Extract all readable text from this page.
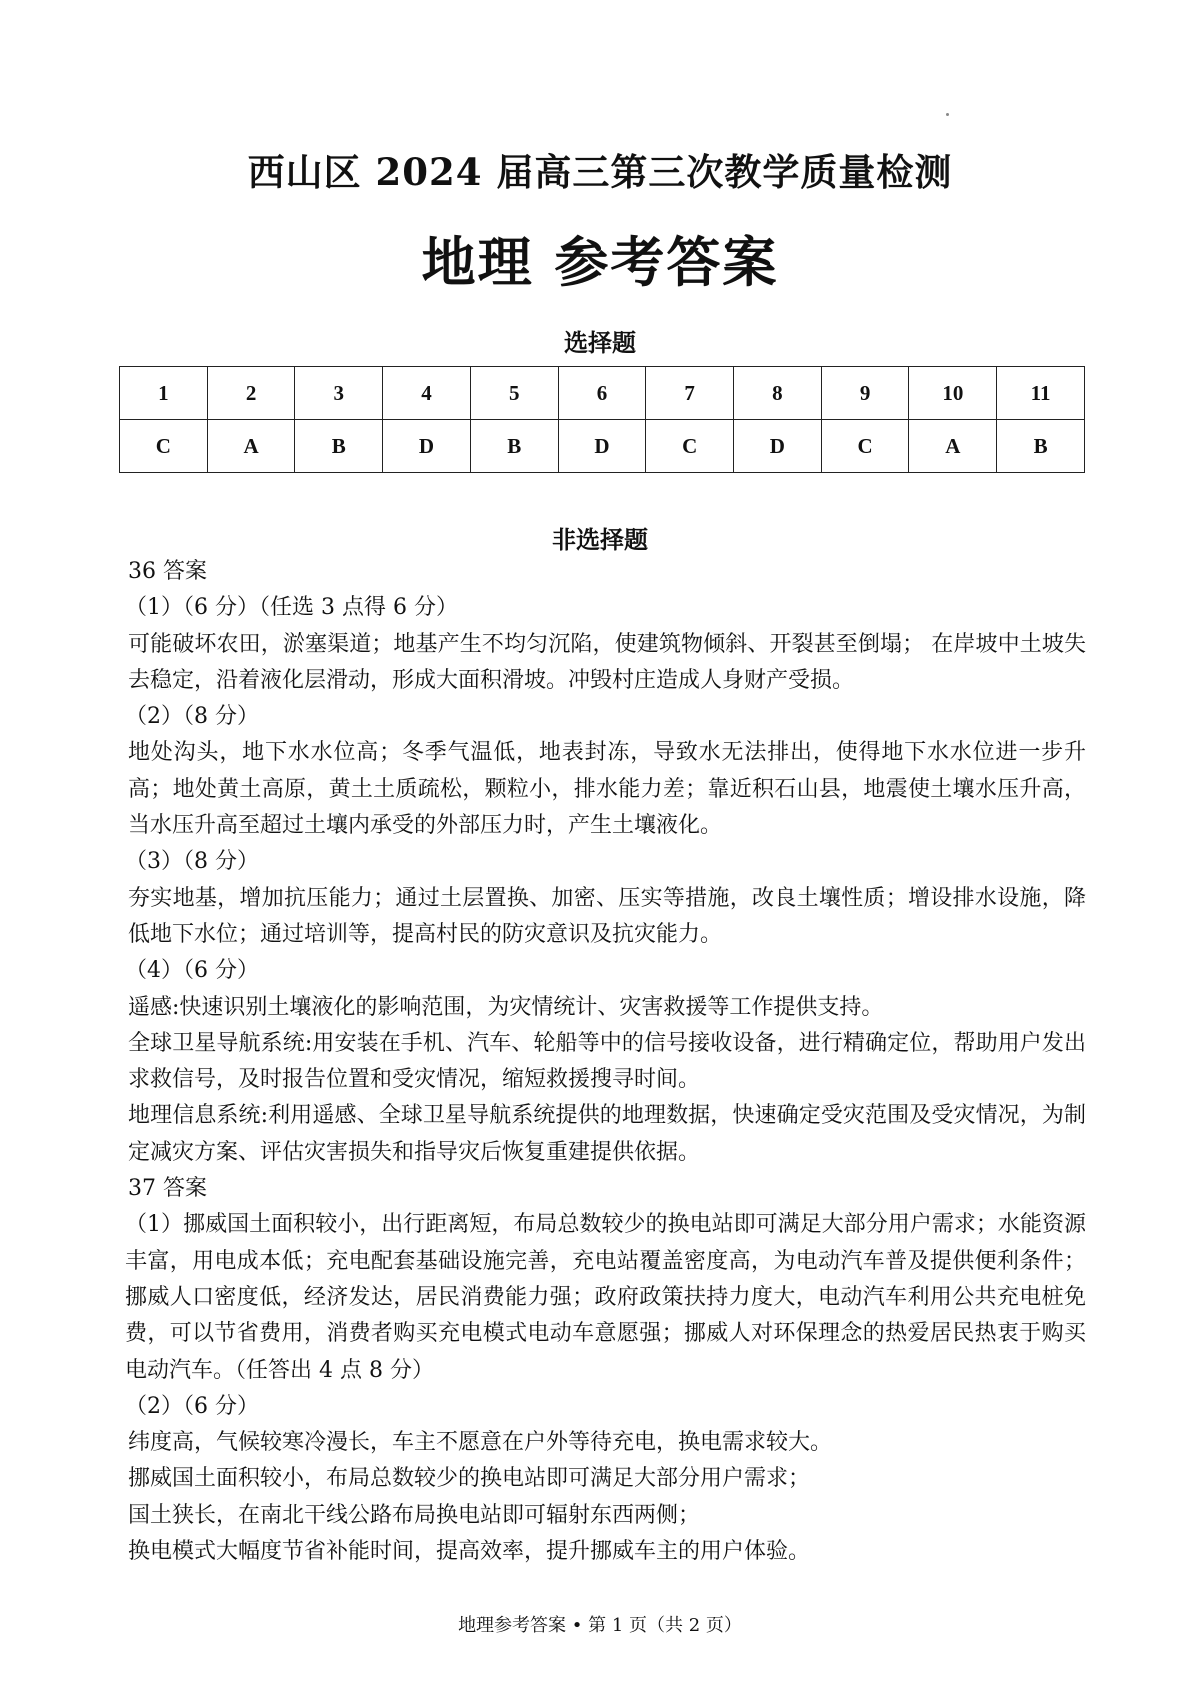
西山区 2024 届高三第三次教学质量检测
地理 参考答案
选择题
1	2	3	4	5	6	7	8	9	10	11
C	A	B	D	B	D	C	D	C	A	B
非选择题

36 答案

（1）（6 分）（任选 3 点得 6 分）

可能破坏农田，淤塞渠道；地基产生不均匀沉陷，使建筑物倾斜、开裂甚至倒塌； 在岸坡中土坡失去稳定，沿着液化层滑动，形成大面积滑坡。冲毁村庄造成人身财产受损。

（2）（8 分）

地处沟头，地下水水位高；冬季气温低，地表封冻，导致水无法排出，使得地下水水位进一步升高；地处黄土高原，黄土土质疏松，颗粒小，排水能力差；靠近积石山县，地震使土壤水压升高，当水压升高至超过土壤内承受的外部压力时，产生土壤液化。

（3）（8 分）

夯实地基，增加抗压能力；通过土层置换、加密、压实等措施，改良土壤性质；增设排水设施，降低地下水位；通过培训等，提高村民的防灾意识及抗灾能力。

（4）（6 分）

遥感:快速识别土壤液化的影响范围，为灾情统计、灾害救援等工作提供支持。

全球卫星导航系统:用安装在手机、汽车、轮船等中的信号接收设备，进行精确定位，帮助用户发出求救信号，及时报告位置和受灾情况，缩短救援搜寻时间。

地理信息系统:利用遥感、全球卫星导航系统提供的地理数据，快速确定受灾范围及受灾情况，为制定减灾方案、评估灾害损失和指导灾后恢复重建提供依据。

37 答案

（1）挪威国土面积较小，出行距离短，布局总数较少的换电站即可满足大部分用户需求；水能资源丰富，用电成本低；充电配套基础设施完善，充电站覆盖密度高，为电动汽车普及提供便利条件；挪威人口密度低，经济发达，居民消费能力强；政府政策扶持力度大，电动汽车利用公共充电桩免费，可以节省费用，消费者购买充电模式电动车意愿强；挪威人对环保理念的热爱居民热衷于购买电动汽车。（任答出 4 点 8 分）

（2）（6 分）

纬度高，气候较寒冷漫长，车主不愿意在户外等待充电，换电需求较大。

挪威国土面积较小，布局总数较少的换电站即可满足大部分用户需求；

国土狭长，在南北干线公路布局换电站即可辐射东西两侧；

换电模式大幅度节省补能时间，提高效率，提升挪威车主的用户体验。

地理参考答案 • 第 1 页（共 2 页）
